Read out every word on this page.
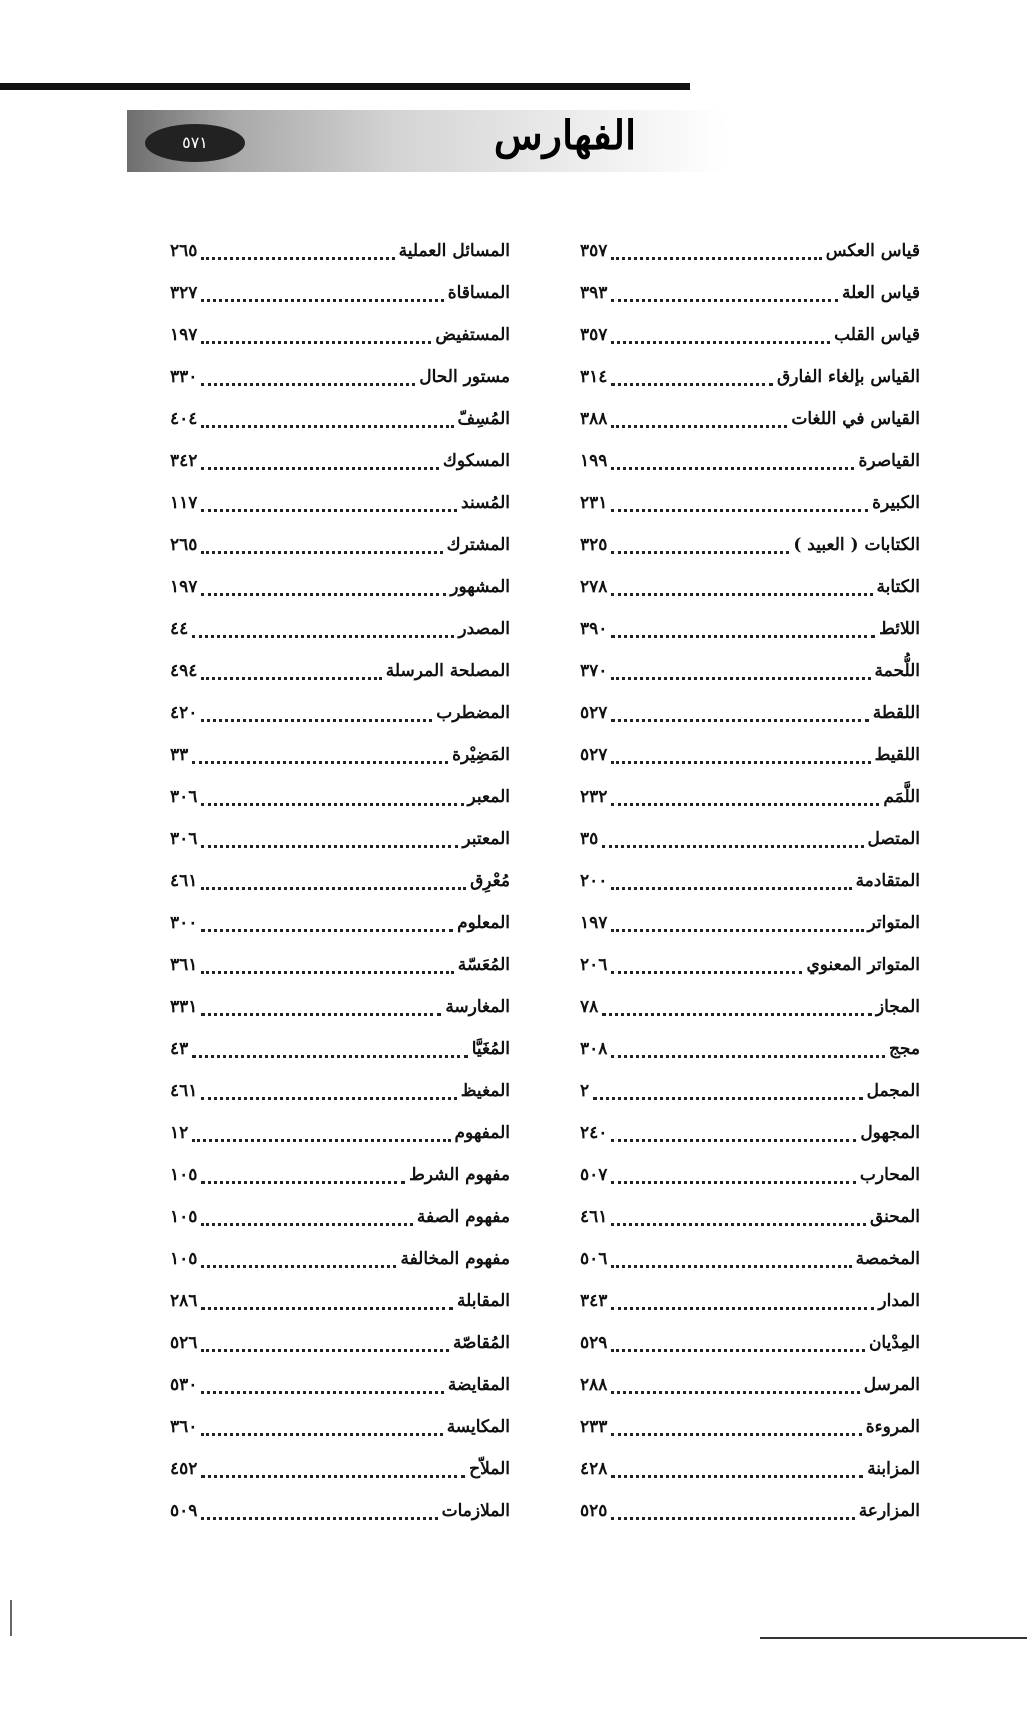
٥٧١	الفهارس
قياس العكس
٣٥٧
قياس العلة
٣٩٣
قياس القلب
٣٥٧
القياس بإلغاء الفارق
٣١٤
القياس في اللغات
٣٨٨
القياصرة
١٩٩
الكبيرة
٢٣١
الكتابات ( العبيد )
٣٢٥
الكتابة
٢٧٨
اللائط
٣٩٠
اللُّحمة
٣٧٠
اللقطة
٥٢٧
اللقيط
٥٢٧
اللَّمَم
٢٣٢
المتصل
٣٥
المتقادمة
٢٠٠
المتواتر
١٩٧
المتواتر المعنوي
٢٠٦
المجاز
٧٨
مجج
٣٠٨
المجمل
٢
المجهول
٢٤٠
المحارب
٥٠٧
المحنق
٤٦١
المخمصة
٥٠٦
المدار
٣٤٣
المِدْيان
٥٢٩
المرسل
٢٨٨
المروءة
٢٣٣
المزابنة
٤٢٨
المزارعة
٥٢٥
المسائل العملية
٢٦٥
المساقاة
٣٢٧
المستفيض
١٩٧
مستور الحال
٣٣٠
المُسِفّ
٤٠٤
المسكوك
٣٤٢
المُسند
١١٧
المشترك
٢٦٥
المشهور
١٩٧
المصدر
٤٤
المصلحة المرسلة
٤٩٤
المضطرب
٤٢٠
المَضِيْرة
٣٣
المعبر
٣٠٦
المعتبر
٣٠٦
مُعْرِق
٤٦١
المعلوم
٣٠٠
المُعَسّة
٣٦١
المغارسة
٣٣١
المُغَيَّا
٤٣
المغيظ
٤٦١
المفهوم
١٢
مفهوم الشرط
١٠٥
مفهوم الصفة
١٠٥
مفهوم المخالفة
١٠٥
المقابلة
٢٨٦
المُقاصّة
٥٢٦
المقايضة
٥٣٠
المكايسة
٣٦٠
الملاّح
٤٥٢
الملازمات
٥٠٩
